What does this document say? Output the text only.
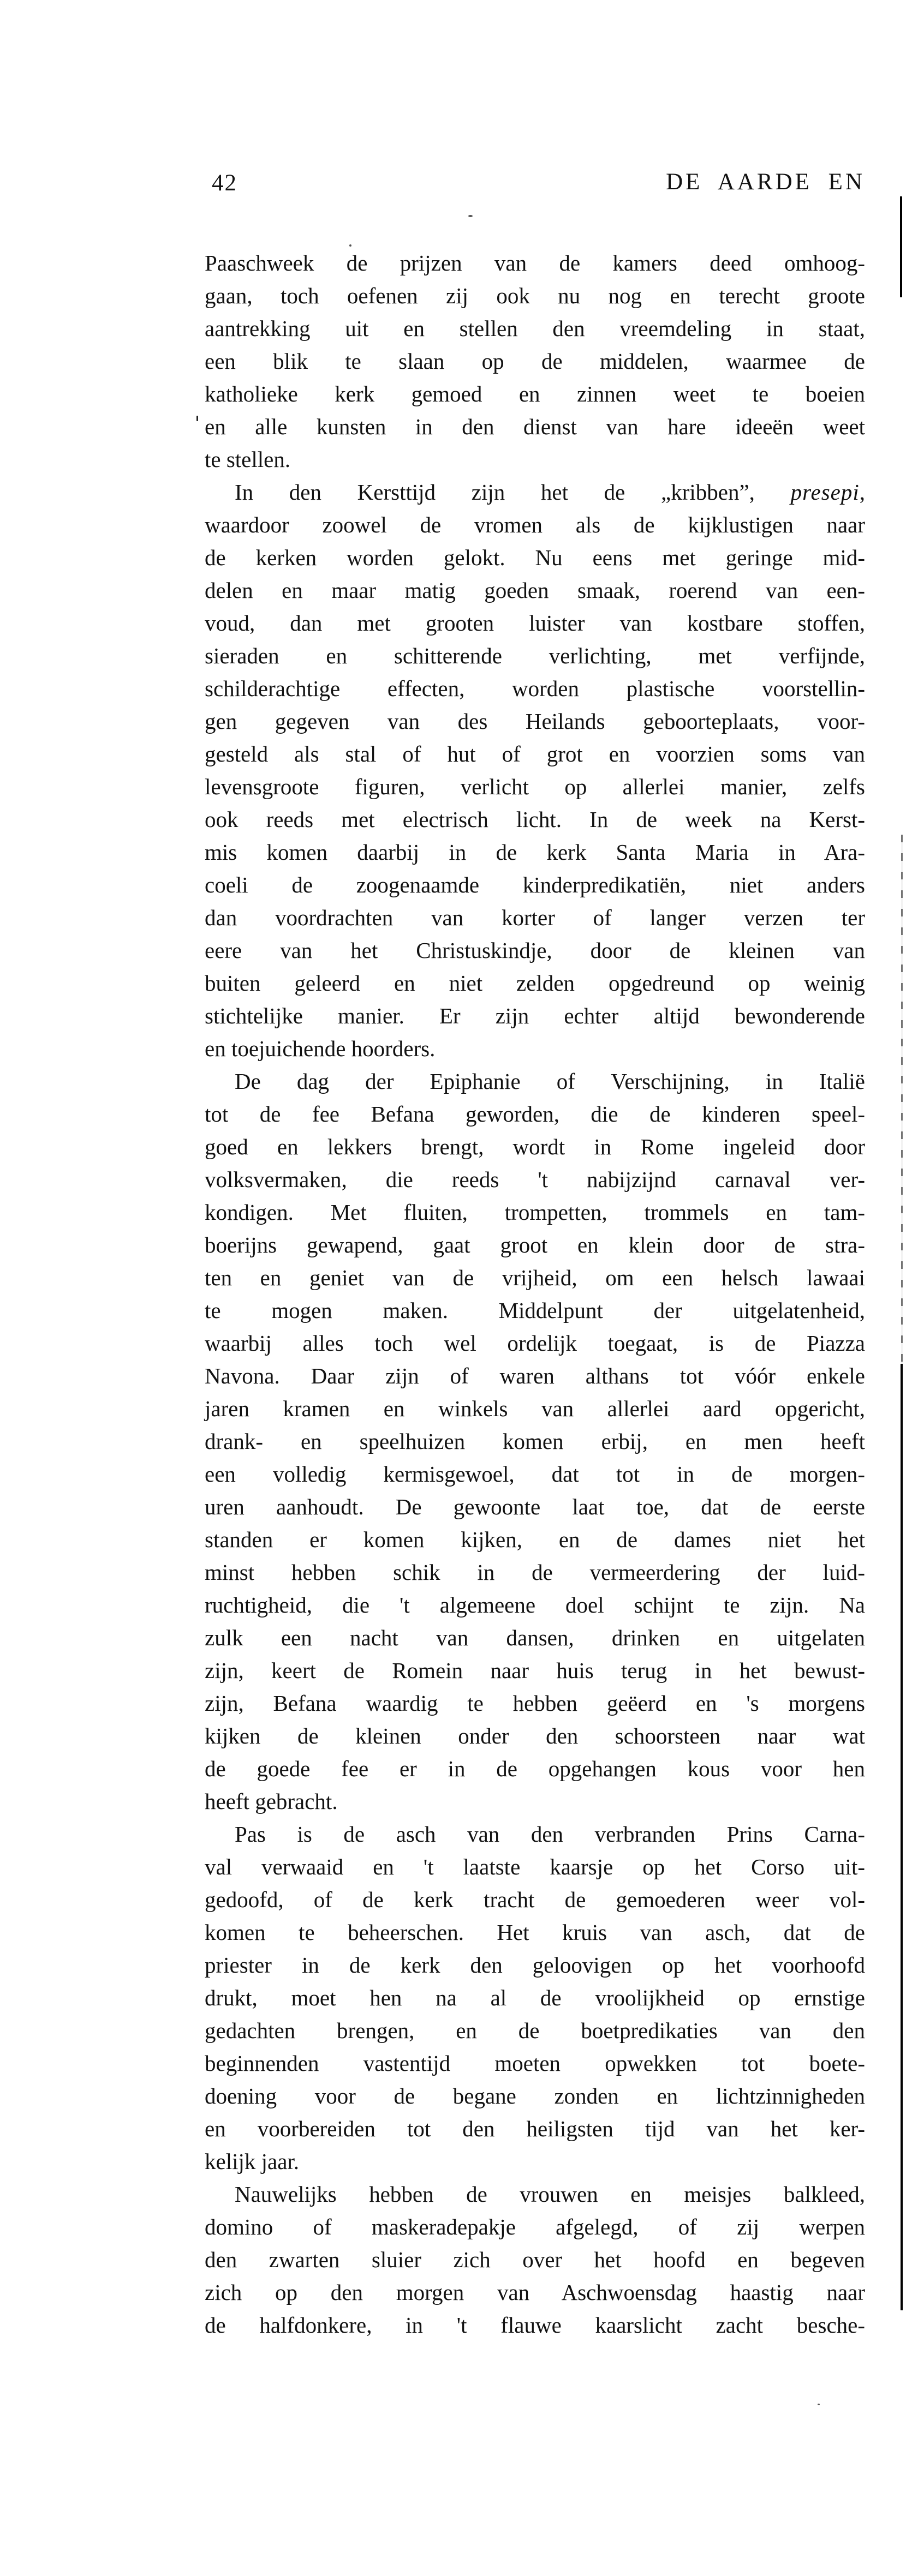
42	DE AARDE EN
Paaschweek de prijzen van de kamers deed omhoog-
gaan, toch oefenen zij ook nu nog en terecht groote
aantrekking uit en stellen den vreemdeling in staat,
een blik te slaan op de middelen, waarmee de
katholieke kerk gemoed en zinnen weet te boeien
en alle kunsten in den dienst van hare ideeën weet
te stellen.
In den Kersttijd zijn het de „kribben”, presepi,
waardoor zoowel de vromen als de kijklustigen naar
de kerken worden gelokt. Nu eens met geringe mid-
delen en maar matig goeden smaak, roerend van een-
voud, dan met grooten luister van kostbare stoffen,
sieraden en schitterende verlichting, met verfijnde,
schilderachtige effecten, worden plastische voorstellin-
gen gegeven van des Heilands geboorteplaats, voor-
gesteld als stal of hut of grot en voorzien soms van
levensgroote figuren, verlicht op allerlei manier, zelfs
ook reeds met electrisch licht. In de week na Kerst-
mis komen daarbij in de kerk Santa Maria in Ara-
coeli de zoogenaamde kinderpredikatiën, niet anders
dan voordrachten van korter of langer verzen ter
eere van het Christuskindje, door de kleinen van
buiten geleerd en niet zelden opgedreund op weinig
stichtelijke manier. Er zijn echter altijd bewonderende
en toejuichende hoorders.
De dag der Epiphanie of Verschijning, in Italië
tot de fee Befana geworden, die de kinderen speel-
goed en lekkers brengt, wordt in Rome ingeleid door
volksvermaken, die reeds 't nabijzijnd carnaval ver-
kondigen. Met fluiten, trompetten, trommels en tam-
boerijns gewapend, gaat groot en klein door de stra-
ten en geniet van de vrijheid, om een helsch lawaai
te mogen maken. Middelpunt der uitgelatenheid,
waarbij alles toch wel ordelijk toegaat, is de Piazza
Navona. Daar zijn of waren althans tot vóór enkele
jaren kramen en winkels van allerlei aard opgericht,
drank- en speelhuizen komen erbij, en men heeft
een volledig kermisgewoel, dat tot in de morgen-
uren aanhoudt. De gewoonte laat toe, dat de eerste
standen er komen kijken, en de dames niet het
minst hebben schik in de vermeerdering der luid-
ruchtigheid, die 't algemeene doel schijnt te zijn. Na
zulk een nacht van dansen, drinken en uitgelaten
zijn, keert de Romein naar huis terug in het bewust-
zijn, Befana waardig te hebben geëerd en 's morgens
kijken de kleinen onder den schoorsteen naar wat
de goede fee er in de opgehangen kous voor hen
heeft gebracht.
Pas is de asch van den verbranden Prins Carna-
val verwaaid en 't laatste kaarsje op het Corso uit-
gedoofd, of de kerk tracht de gemoederen weer vol-
komen te beheerschen. Het kruis van asch, dat de
priester in de kerk den geloovigen op het voorhoofd
drukt, moet hen na al de vroolijkheid op ernstige
gedachten brengen, en de boetpredikaties van den
beginnenden vastentijd moeten opwekken tot boete-
doening voor de begane zonden en lichtzinnigheden
en voorbereiden tot den heiligsten tijd van het ker-
kelijk jaar.
Nauwelijks hebben de vrouwen en meisjes balkleed,
domino of maskeradepakje afgelegd, of zij werpen
den zwarten sluier zich over het hoofd en begeven
zich op den morgen van Aschwoensdag haastig naar
de halfdonkere, in 't flauwe kaarslicht zacht besche-
